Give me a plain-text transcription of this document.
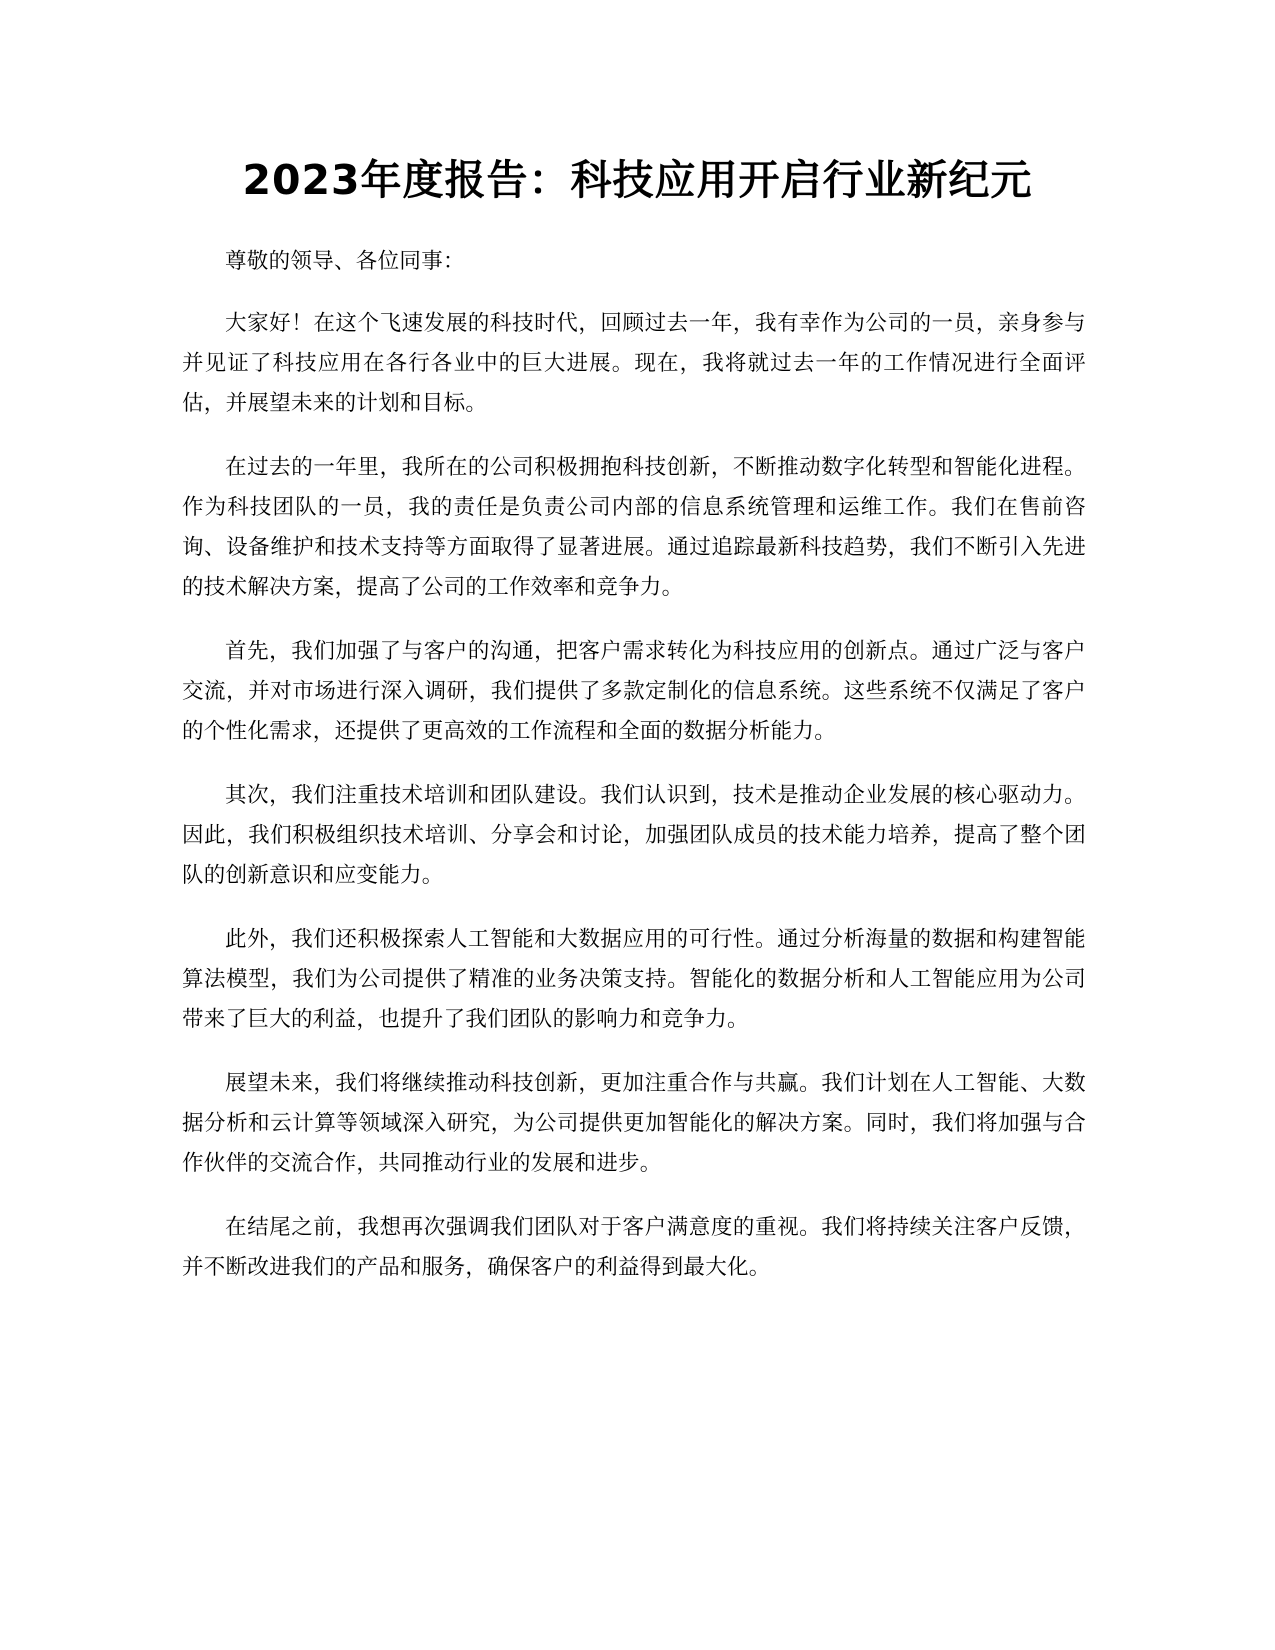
2023年度报告：科技应用开启行业新纪元

尊敬的领导、各位同事：

大家好！在这个飞速发展的科技时代，回顾过去一年，我有幸作为公司的一员，亲身参与并见证了科技应用在各行各业中的巨大进展。现在，我将就过去一年的工作情况进行全面评估，并展望未来的计划和目标。

在过去的一年里，我所在的公司积极拥抱科技创新，不断推动数字化转型和智能化进程。作为科技团队的一员，我的责任是负责公司内部的信息系统管理和运维工作。我们在售前咨询、设备维护和技术支持等方面取得了显著进展。通过追踪最新科技趋势，我们不断引入先进的技术解决方案，提高了公司的工作效率和竞争力。

首先，我们加强了与客户的沟通，把客户需求转化为科技应用的创新点。通过广泛与客户交流，并对市场进行深入调研，我们提供了多款定制化的信息系统。这些系统不仅满足了客户的个性化需求，还提供了更高效的工作流程和全面的数据分析能力。

其次，我们注重技术培训和团队建设。我们认识到，技术是推动企业发展的核心驱动力。因此，我们积极组织技术培训、分享会和讨论，加强团队成员的技术能力培养，提高了整个团队的创新意识和应变能力。

此外，我们还积极探索人工智能和大数据应用的可行性。通过分析海量的数据和构建智能算法模型，我们为公司提供了精准的业务决策支持。智能化的数据分析和人工智能应用为公司带来了巨大的利益，也提升了我们团队的影响力和竞争力。

展望未来，我们将继续推动科技创新，更加注重合作与共赢。我们计划在人工智能、大数据分析和云计算等领域深入研究，为公司提供更加智能化的解决方案。同时，我们将加强与合作伙伴的交流合作，共同推动行业的发展和进步。

在结尾之前，我想再次强调我们团队对于客户满意度的重视。我们将持续关注客户反馈，并不断改进我们的产品和服务，确保客户的利益得到最大化。
